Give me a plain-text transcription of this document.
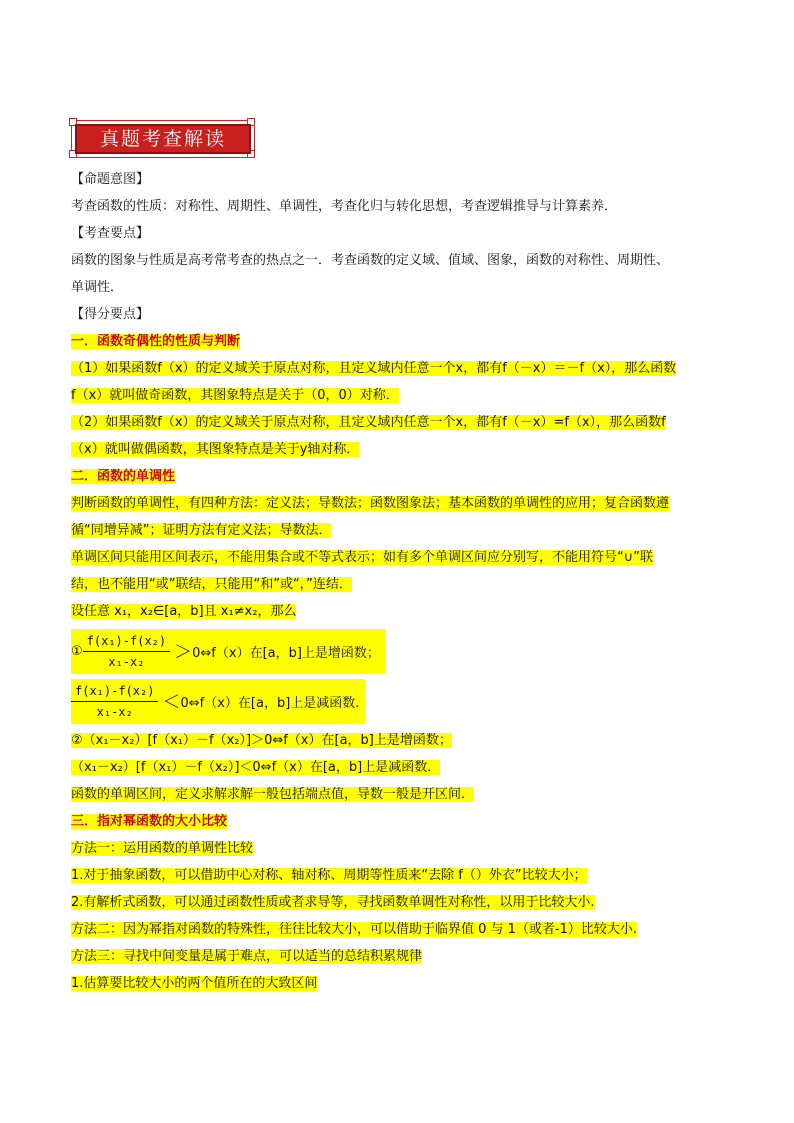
真题考查解读
【命题意图】
考查函数的性质：对称性、周期性、单调性，考查化归与转化思想，考查逻辑推导与计算素养．
【考查要点】
函数的图象与性质是高考常考查的热点之一．考查函数的定义域、值域、图象，函数的对称性、周期性、
单调性．
【得分要点】
一．函数奇偶性的性质与判断
（1）如果函数f（x）的定义域关于原点对称，且定义域内任意一个x，都有f（－x）＝－f（x），那么函数
f（x）就叫做奇函数，其图象特点是关于（0，0）对称．
（2）如果函数f（x）的定义域关于原点对称，且定义域内任意一个x，都有f（－x）=f（x），那么函数f
（x）就叫做偶函数，其图象特点是关于y轴对称．
二．函数的单调性
判断函数的单调性，有四种方法：定义法；导数法；函数图象法；基本函数的单调性的应用；复合函数遵
循“同增异减”；证明方法有定义法；导数法．
单调区间只能用区间表示，不能用集合或不等式表示；如有多个单调区间应分别写，不能用符号“∪”联
结，也不能用“或”联结，只能用“和”或“，”连结．
设任意 x₁，x₂∈[a，b]且 x₁≠x₂，那么
① $\frac{\text{f(x₁)-f(x₂)}}{\text{x₁-x₂}}$ ＞ 0⇔f（x）在[a，b]上是增函数；
$\frac{\text{f(x₁)-f(x₂)}}{\text{x₁-x₂}}$ ＜ 0⇔f（x）在[a，b]上是减函数.
②（x₁－x₂）[f（x₁）－f（x₂）]＞0⇔f（x）在[a，b]上是增函数；
（x₁－x₂）[f（x₁）－f（x₂）]＜0⇔f（x）在[a，b]上是减函数．
函数的单调区间，定义求解求解一般包括端点值，导数一般是开区间．
三．指对幂函数的大小比较
方法一：运用函数的单调性比较
1.对于抽象函数，可以借助中心对称、轴对称、周期等性质来“去除 f（）外衣”比较大小；
2.有解析式函数，可以通过函数性质或者求导等，寻找函数单调性对称性，以用于比较大小.
方法二：因为幂指对函数的特殊性，往往比较大小，可以借助于临界值 0 与 1（或者-1）比较大小.
方法三：寻找中间变量是属于难点，可以适当的总结积累规律
1.估算要比较大小的两个值所在的大致区间
